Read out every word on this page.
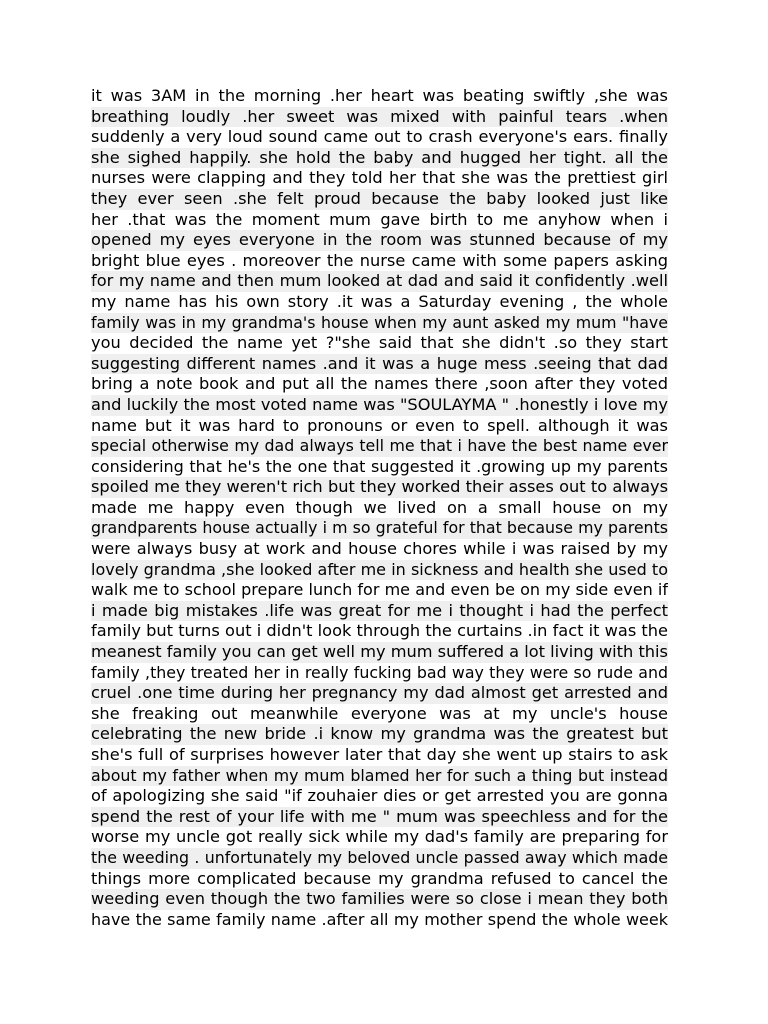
it was 3AM in the morning .her heart was beating swiftly ,she was
breathing loudly .her sweet was mixed with painful tears .when
suddenly a very loud sound came out to crash everyone's ears. finally
she sighed happily. she hold the baby and hugged her tight. all the
nurses were clapping and they told her that she was the prettiest girl
they ever seen .she felt proud because the baby looked just like
her .that was the moment mum gave birth to me anyhow when i
opened my eyes everyone in the room was stunned because of my
bright blue eyes . moreover the nurse came with some papers asking
for my name and then mum looked at dad and said it confidently .well
my name has his own story .it was a Saturday evening , the whole
family was in my grandma's house when my aunt asked my mum "have
you decided the name yet ?"she said that she didn't .so they start
suggesting different names .and it was a huge mess .seeing that dad
bring a note book and put all the names there ,soon after they voted
and luckily the most voted name was "SOULAYMA " .honestly i love my
name but it was hard to pronouns or even to spell. although it was
special otherwise my dad always tell me that i have the best name ever
considering that he's the one that suggested it .growing up my parents
spoiled me they weren't rich but they worked their asses out to always
made me happy even though we lived on a small house on my
grandparents house actually i m so grateful for that because my parents
were always busy at work and house chores while i was raised by my
lovely grandma ,she looked after me in sickness and health she used to
walk me to school prepare lunch for me and even be on my side even if
i made big mistakes .life was great for me i thought i had the perfect
family but turns out i didn't look through the curtains .in fact it was the
meanest family you can get well my mum suffered a lot living with this
family ,they treated her in really fucking bad way they were so rude and
cruel .one time during her pregnancy my dad almost get arrested and
she freaking out meanwhile everyone was at my uncle's house
celebrating the new bride .i know my grandma was the greatest but
she's full of surprises however later that day she went up stairs to ask
about my father when my mum blamed her for such a thing but instead
of apologizing she said "if zouhaier dies or get arrested you are gonna
spend the rest of your life with me " mum was speechless and for the
worse my uncle got really sick while my dad's family are preparing for
the weeding . unfortunately my beloved uncle passed away which made
things more complicated because my grandma refused to cancel the
weeding even though the two families were so close i mean they both
have the same family name .after all my mother spend the whole week
